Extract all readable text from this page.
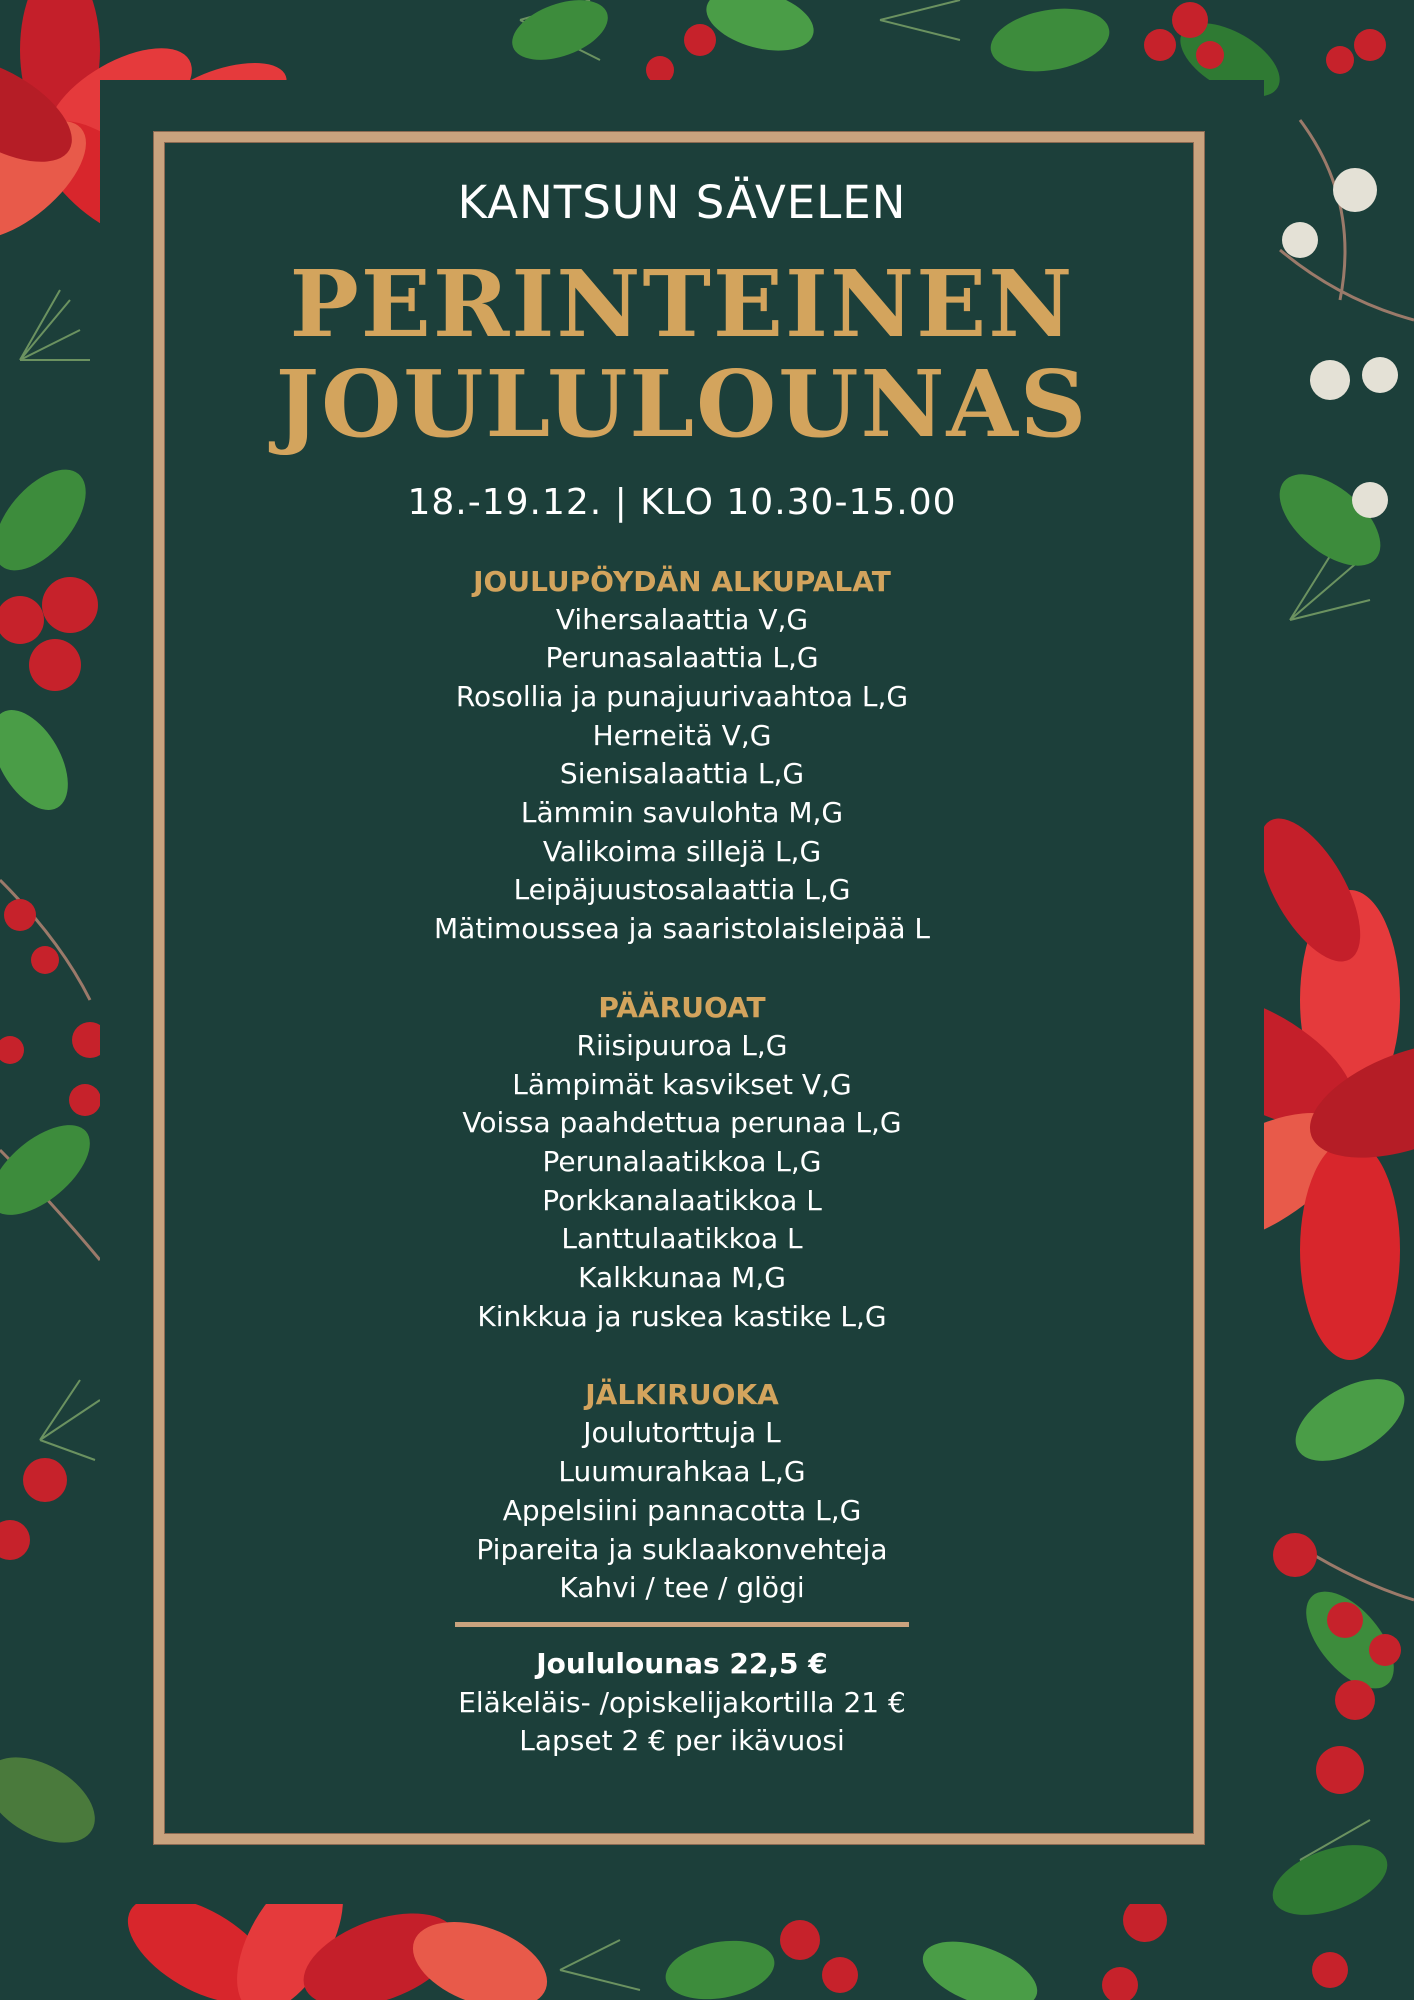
KANTSUN SÄVELEN
PERINTEINEN
JOULULOUNAS
18.-19.12. | KLO 10.30-15.00
JOULUPÖYDÄN ALKUPALAT
Vihersalaattia V,G
Perunasalaattia L,G
Rosollia ja punajuurivaahtoa L,G
Herneitä V,G
Sienisalaattia L,G
Lämmin savulohta M,G
Valikoima sillejä L,G
Leipäjuustosalaattia L,G
Mätimoussea ja saaristolaisleipää L
PÄÄRUOAT
Riisipuuroa L,G
Lämpimät kasvikset V,G
Voissa paahdettua perunaa L,G
Perunalaatikkoa L,G
Porkkanalaatikkoa L
Lanttulaatikkoa L
Kalkkunaa M,G
Kinkkua ja ruskea kastike L,G
JÄLKIRUOKA
Joulutorttuja L
Luumurahkaa L,G
Appelsiini pannacotta L,G
Pipareita ja suklaakonvehteja
Kahvi / tee / glögi
Joululounas 22,5 €
Eläkeläis- /opiskelijakortilla 21 €
Lapset 2 € per ikävuosi
